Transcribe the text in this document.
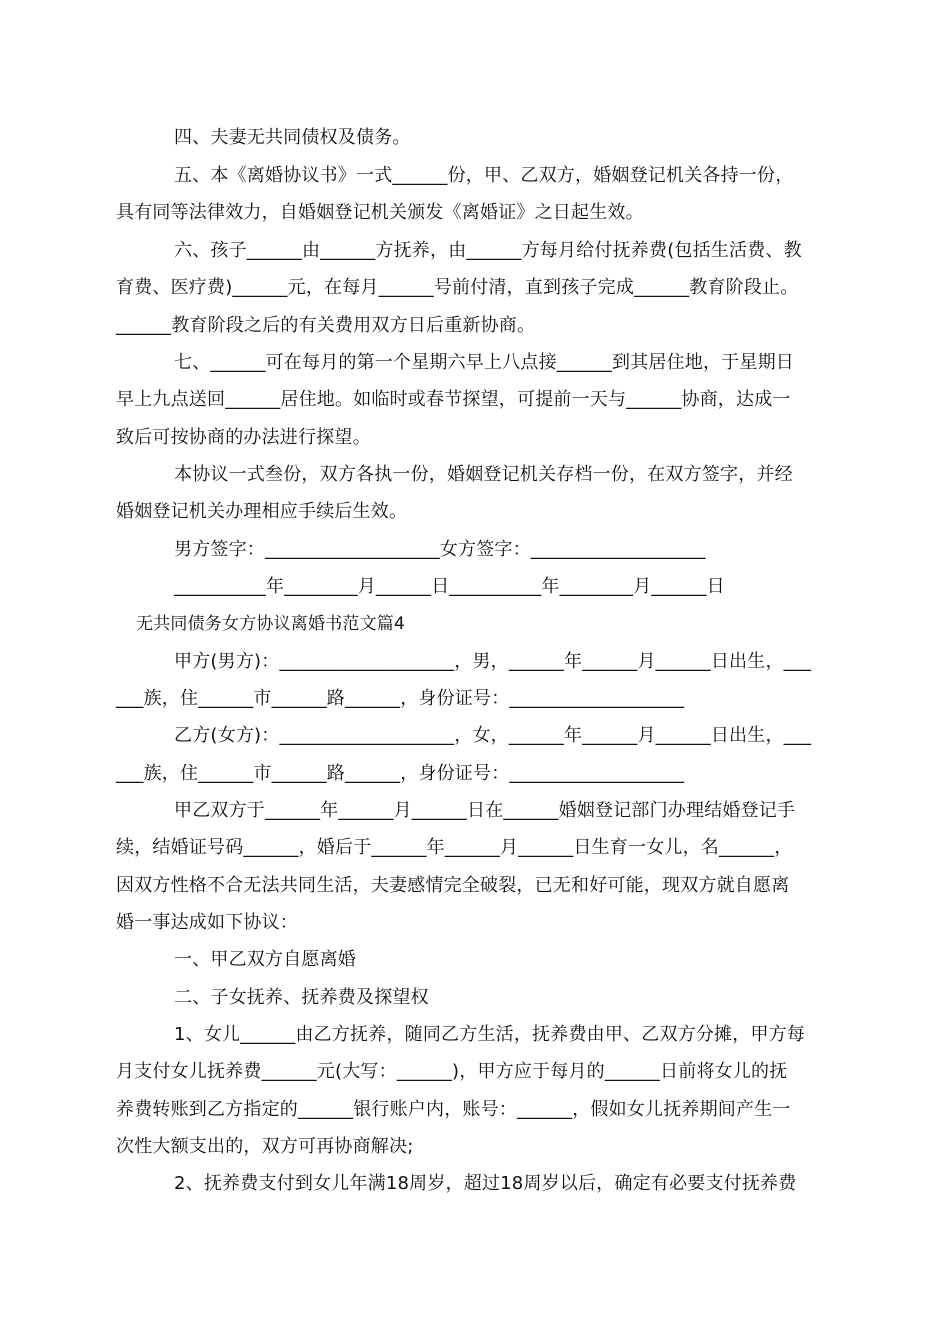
四、夫妻无共同债权及债务。
五、本《离婚协议书》一式______份，甲、乙双方，婚姻登记机关各持一份，
具有同等法律效力，自婚姻登记机关颁发《离婚证》之日起生效。
六、孩子______由______方抚养，由______方每月给付抚养费(包括生活费、教
育费、医疗费)______元，在每月______号前付清，直到孩子完成______教育阶段止。
______教育阶段之后的有关费用双方日后重新协商。
七、______可在每月的第一个星期六早上八点接______到其居住地，于星期日
早上九点送回______居住地。如临时或春节探望，可提前一天与______协商，达成一
致后可按协商的办法进行探望。
本协议一式叁份，双方各执一份，婚姻登记机关存档一份，在双方签字，并经
婚姻登记机关办理相应手续后生效。
男方签字：___________________女方签字：___________________
__________年________月______日__________年________月______日
无共同债务女方协议离婚书范文篇4
甲方(男方)：___________________，男，______年______月______日出生，___
___族，住______市______路______，身份证号：___________________
乙方(女方)：___________________，女，______年______月______日出生，___
___族，住______市______路______，身份证号：___________________
甲乙双方于______年______月______日在______婚姻登记部门办理结婚登记手
续，结婚证号码______，婚后于______年______月______日生育一女儿，名______，
因双方性格不合无法共同生活，夫妻感情完全破裂，已无和好可能，现双方就自愿离
婚一事达成如下协议：
一、甲乙双方自愿离婚
二、子女抚养、抚养费及探望权
1、女儿______由乙方抚养，随同乙方生活，抚养费由甲、乙双方分摊，甲方每
月支付女儿抚养费______元(大写：______)，甲方应于每月的______日前将女儿的抚
养费转账到乙方指定的______银行账户内，账号：______，假如女儿抚养期间产生一
次性大额支出的，双方可再协商解决;
2、抚养费支付到女儿年满18周岁，超过18周岁以后，确定有必要支付抚养费
